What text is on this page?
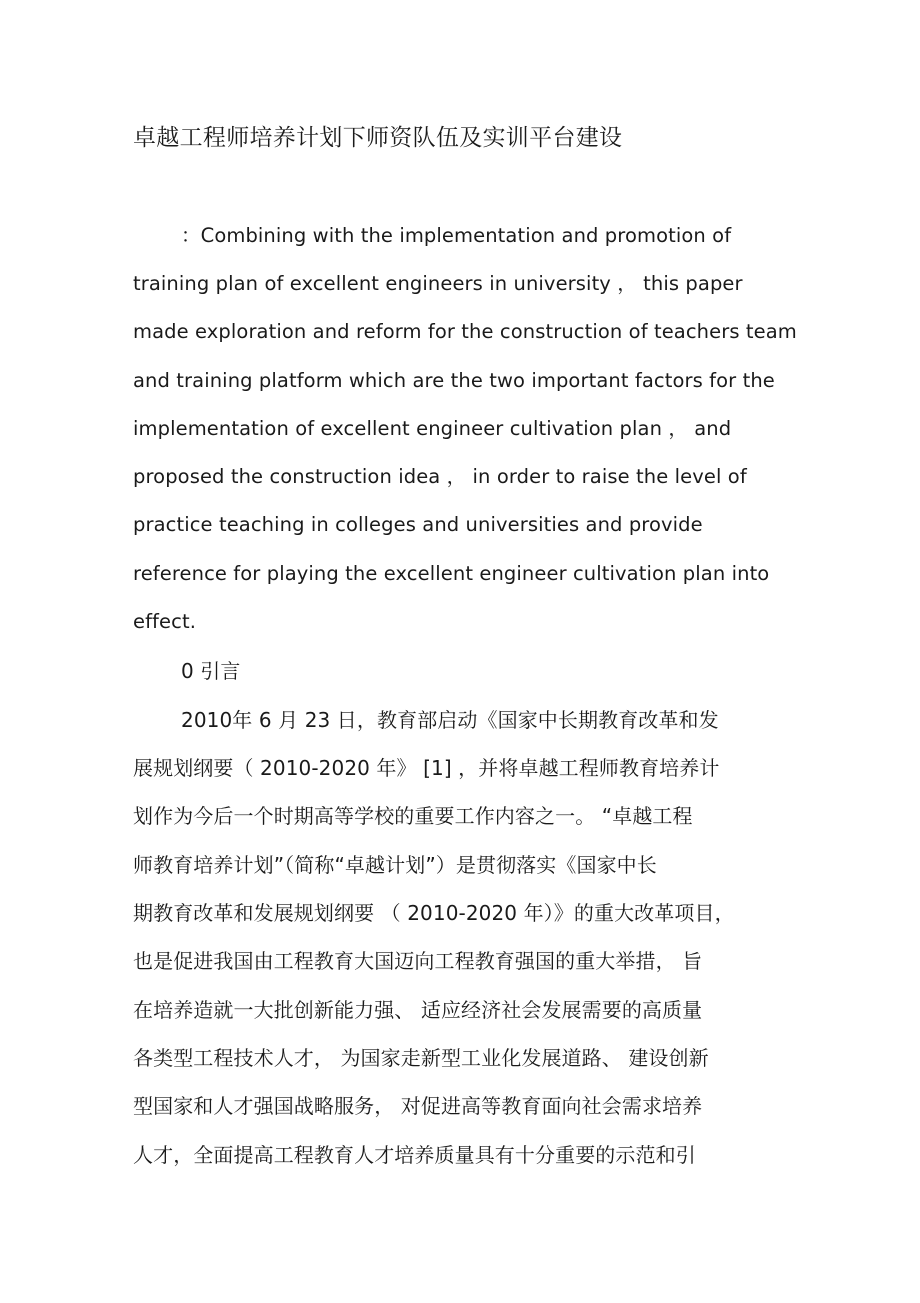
卓越工程师培养计划下师资队伍及实训平台建设
：Combining with the implementation and promotion of
training plan of excellent engineers in university ， this paper
made exploration and reform for the construction of teachers team
and training platform which are the two important factors for the
implementation of excellent engineer cultivation plan ， and
proposed the construction idea ， in order to raise the level of
practice teaching in colleges and universities and provide
reference for playing the excellent engineer cultivation plan into
effect.
0 引言
2010年 6 月 23 日，教育部启动《国家中长期教育改革和发
展规划纲要（ 2010-2020 年》 [1] ，并将卓越工程师教育培养计
划作为今后一个时期高等学校的重要工作内容之一。 “卓越工程
师教育培养计划”（简称“卓越计划”）是贯彻落实《国家中长
期教育改革和发展规划纲要 （ 2010-2020 年）》的重大改革项目，
也是促进我国由工程教育大国迈向工程教育强国的重大举措， 旨
在培养造就一大批创新能力强、 适应经济社会发展需要的高质量
各类型工程技术人才， 为国家走新型工业化发展道路、 建设创新
型国家和人才强国战略服务， 对促进高等教育面向社会需求培养
人才，全面提高工程教育人才培养质量具有十分重要的示范和引
